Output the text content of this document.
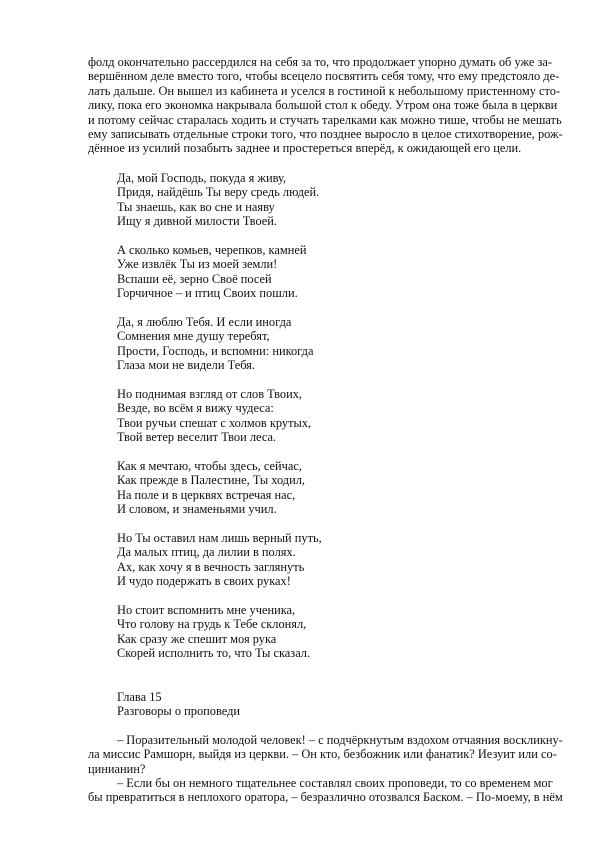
фолд окончательно рассердился на себя за то, что продолжает упорно думать об уже за-
вершённом деле вместо того, чтобы всецело посвятить себя тому, что ему предстояло де-
лать дальше. Он вышел из кабинета и уселся в гостиной к небольшому пристенному сто-
лику, пока его экономка накрывала большой стол к обеду. Утром она тоже была в церкви
и потому сейчас старалась ходить и стучать тарелками как можно тише, чтобы не мешать
ему записывать отдельные строки того, что позднее выросло в целое стихотворение, рож-
дённое из усилий позабыть заднее и простереться вперёд, к ожидающей его цели.
Да, мой Господь, покуда я живу,
Придя, найдёшь Ты веру средь людей.
Ты знаешь, как во сне и наяву
Ищу я дивной милости Твоей.
А сколько комьев, черепков, камней
Уже извлёк Ты из моей земли!
Вспаши её, зерно Своё посей
Горчичное – и птиц Своих пошли.
Да, я люблю Тебя. И если иногда
Сомнения мне душу теребят,
Прости, Господь, и вспомни: никогда
Глаза мои не видели Тебя.
Но поднимая взгляд от слов Твоих,
Везде, во всём я вижу чудеса:
Твои ручьи спешат с холмов крутых,
Твой ветер веселит Твои леса.
Как я мечтаю, чтобы здесь, сейчас,
Как прежде в Палестине, Ты ходил,
На поле и в церквях встречая нас,
И словом, и знаменьями учил.
Но Ты оставил нам лишь верный путь,
Да малых птиц, да лилии в полях.
Ах, как хочу я в вечность заглянуть
И чудо подержать в своих руках!
Но стоит вспомнить мне ученика,
Что голову на грудь к Тебе склонял,
Как сразу же спешит моя рука
Скорей исполнить то, что Ты сказал.
Глава 15
Разговоры о проповеди
– Поразительный молодой человек! – с подчёркнутым вздохом отчаяния воскликну-
ла миссис Рамшорн, выйдя из церкви. – Он кто, безбожник или фанатик? Иезуит или со-
цинианин?
– Если бы он немного тщательнее составлял своих проповеди, то со временем мог
бы превратиться в неплохого оратора, – безразлично отозвался Баском. – По-моему, в нём
